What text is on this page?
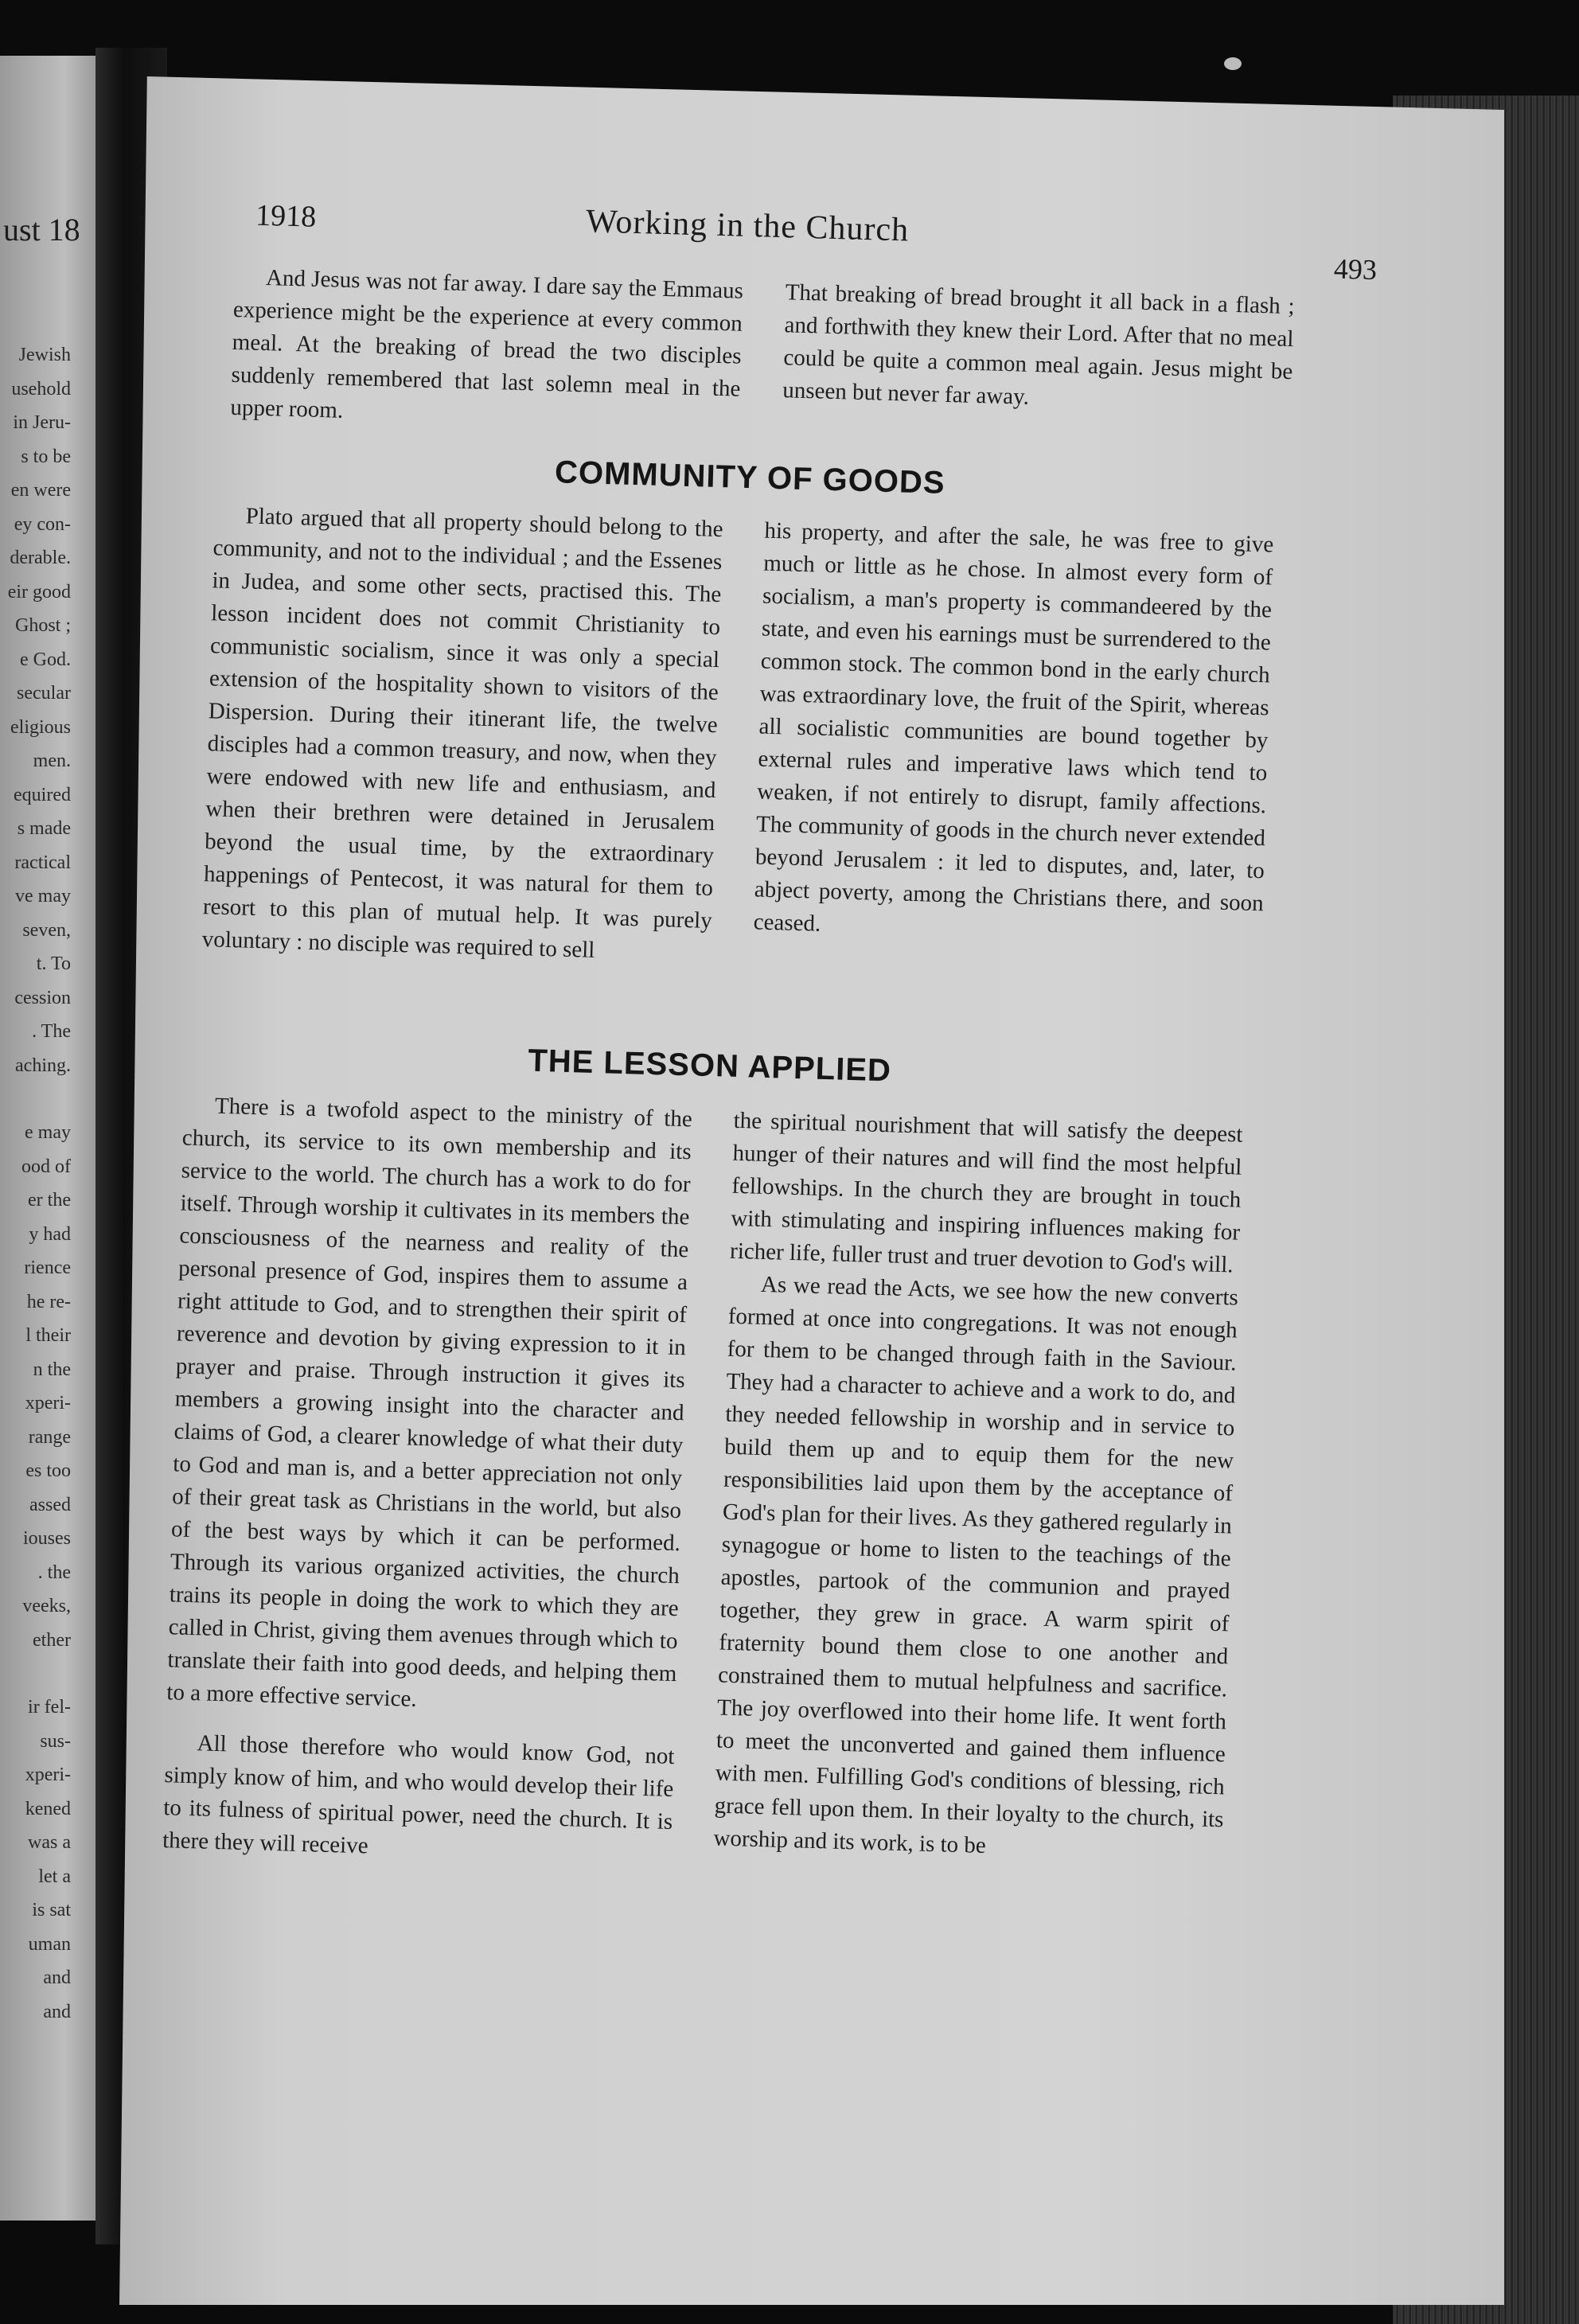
ust 18
Jewish
usehold
in Jeru-
s to be
en were
ey con-
derable.
eir good
Ghost ;
e God.
secular
eligious
men.
equired
s made
ractical
ve may
seven,
t. To
cession
. The
aching.

e may
ood of
er the
y had
rience
he re-
l their
n the
xperi-
range
es too
assed
iouses
. the
veeks,
ether

ir fel-
sus-
xperi-
kened
was a
let a
is sat
uman
and
and
1918	Working in the Church
493

And Jesus was not far away. I dare say the Emmaus experience might be the experience at every common meal. At the breaking of bread the two disciples suddenly remembered that last solemn meal in the upper room.

That breaking of bread brought it all back in a flash ; and forthwith they knew their Lord. After that no meal could be quite a common meal again. Jesus might be unseen but never far away.

COMMUNITY OF GOODS

Plato argued that all property should belong to the community, and not to the individual ; and the Essenes in Judea, and some other sects, practised this. The lesson incident does not commit Christianity to communistic socialism, since it was only a special extension of the hospitality shown to visitors of the Dispersion. During their itinerant life, the twelve disciples had a common treasury, and now, when they were endowed with new life and enthusiasm, and when their brethren were detained in Jerusalem beyond the usual time, by the extraordinary happenings of Pentecost, it was natural for them to resort to this plan of mutual help. It was purely voluntary : no disciple was required to sell

his property, and after the sale, he was free to give much or little as he chose. In almost every form of socialism, a man's property is commandeered by the state, and even his earnings must be surrendered to the common stock. The common bond in the early church was extraordinary love, the fruit of the Spirit, whereas all socialistic communities are bound together by external rules and imperative laws which tend to weaken, if not entirely to disrupt, family affections. The community of goods in the church never extended beyond Jerusalem : it led to disputes, and, later, to abject poverty, among the Christians there, and soon ceased.

THE LESSON APPLIED

There is a twofold aspect to the ministry of the church, its service to its own membership and its service to the world. The church has a work to do for itself. Through worship it cultivates in its members the consciousness of the nearness and reality of the personal presence of God, inspires them to assume a right attitude to God, and to strengthen their spirit of reverence and devotion by giving expression to it in prayer and praise. Through instruction it gives its members a growing insight into the character and claims of God, a clearer knowledge of what their duty to God and man is, and a better appreciation not only of their great task as Christians in the world, but also of the best ways by which it can be performed. Through its various organized activities, the church trains its people in doing the work to which they are called in Christ, giving them avenues through which to translate their faith into good deeds, and helping them to a more effective service.

All those therefore who would know God, not simply know of him, and who would develop their life to its fulness of spiritual power, need the church. It is there they will receive

the spiritual nourishment that will satisfy the deepest hunger of their natures and will find the most helpful fellowships. In the church they are brought in touch with stimulating and inspiring influences making for richer life, fuller trust and truer devotion to God's will.

As we read the Acts, we see how the new converts formed at once into congregations. It was not enough for them to be changed through faith in the Saviour. They had a character to achieve and a work to do, and they needed fellowship in worship and in service to build them up and to equip them for the new responsibilities laid upon them by the acceptance of God's plan for their lives. As they gathered regularly in synagogue or home to listen to the teachings of the apostles, partook of the communion and prayed together, they grew in grace. A warm spirit of fraternity bound them close to one another and constrained them to mutual helpfulness and sacrifice. The joy overflowed into their home life. It went forth to meet the unconverted and gained them influence with men. Fulfilling God's conditions of blessing, rich grace fell upon them. In their loyalty to the church, its worship and its work, is to be
